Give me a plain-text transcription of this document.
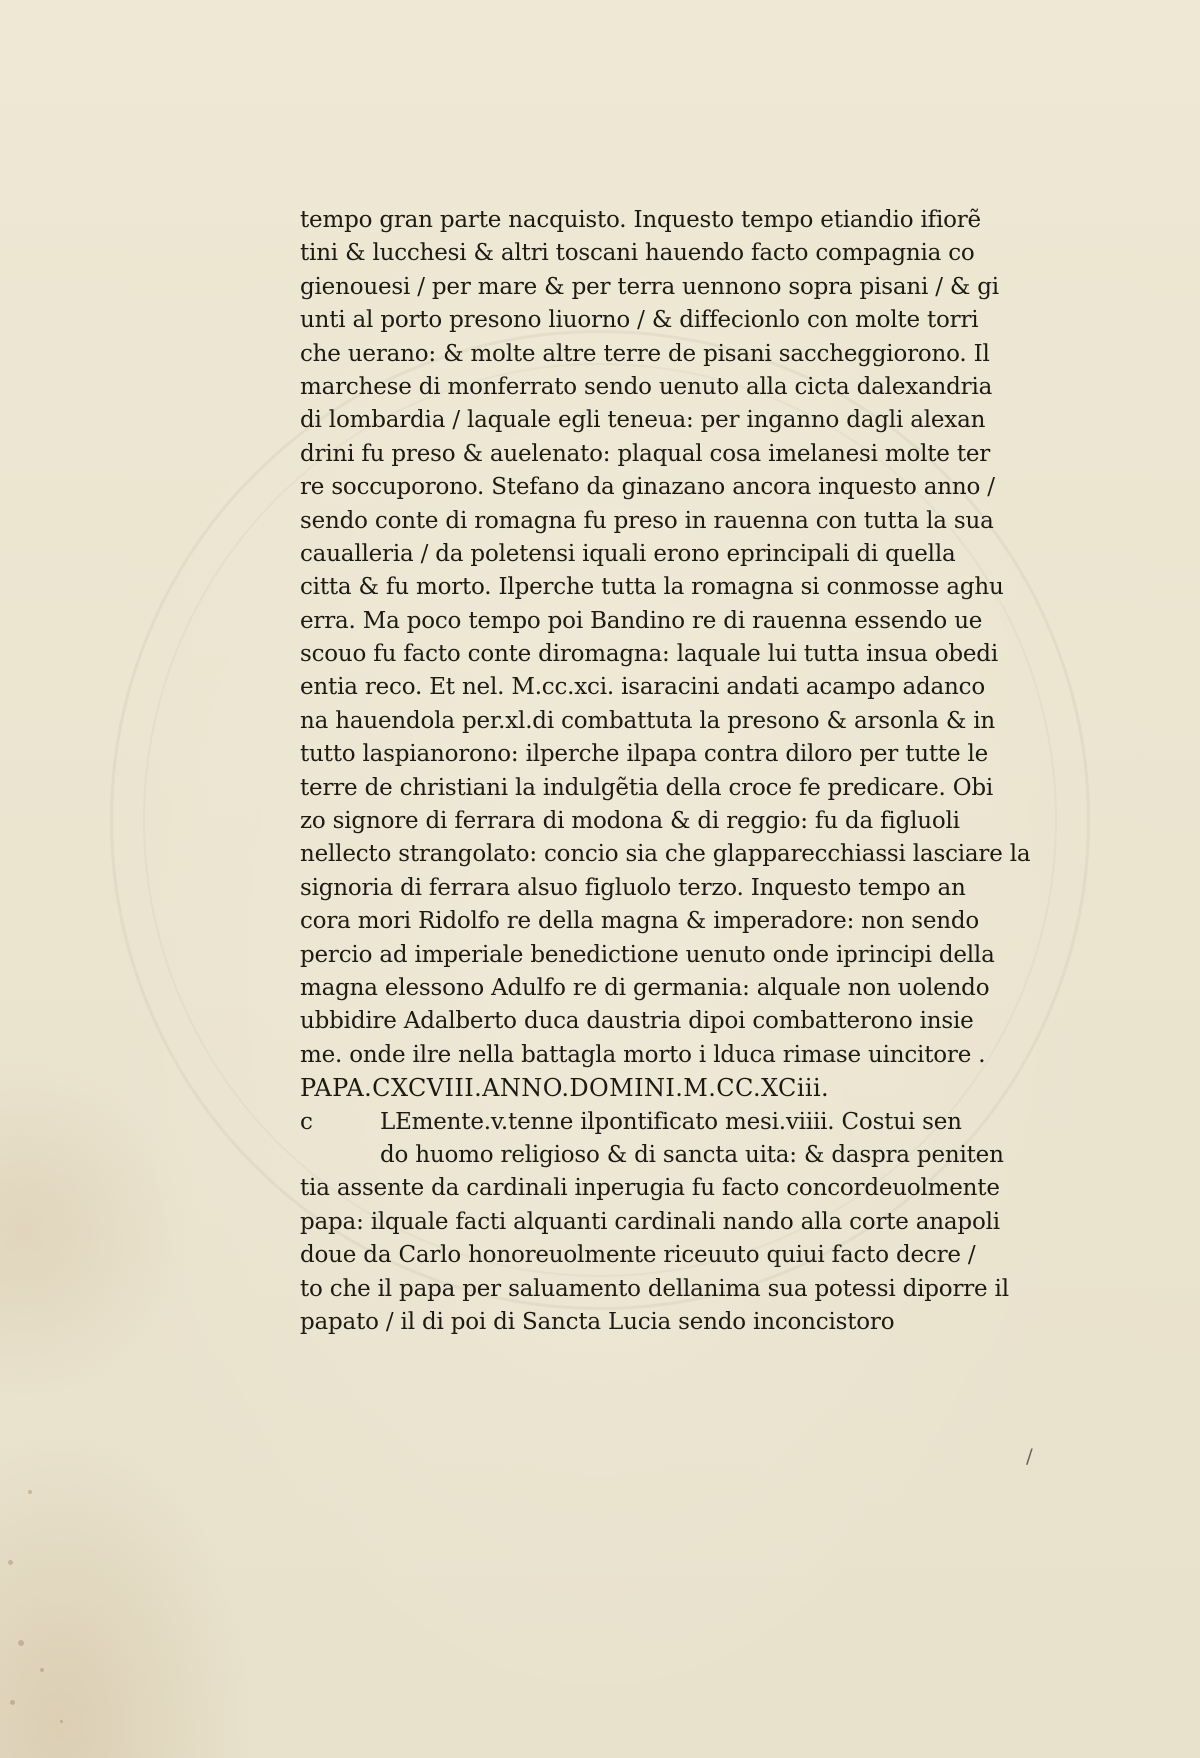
tempo gran parte nacquisto. Inquesto tempo etiandio ifiorẽ
tini & lucchesi & altri toscani hauendo facto compagnia co
gienouesi / per mare & per terra uennono sopra pisani / & gi
unti al porto presono liuorno / & diffecionlo con molte torri
che uerano: & molte altre terre de pisani saccheggiorono. Il
marchese di monferrato sendo uenuto alla cicta dalexandria
di lombardia / laquale egli teneua: per inganno dagli alexan
drini fu preso & auelenato: plaqual cosa imelanesi molte ter
re soccuporono. Stefano da ginazano ancora inquesto anno /
sendo conte di romagna fu preso in rauenna con tutta la sua
caualleria / da poletensi iquali erono eprincipali di quella
citta & fu morto. Ilperche tutta la romagna si conmosse aghu
erra. Ma poco tempo poi Bandino re di rauenna essendo ue
scouo fu facto conte diromagna: laquale lui tutta insua obedi
entia reco. Et nel. M.cc.xci. isaracini andati acampo adanco
na hauendola per.xl.di combattuta la presono & arsonla & in
tutto laspianorono: ilperche ilpapa contra diloro per tutte le
terre de christiani la indulgẽtia della croce fe predicare. Obi
zo signore di ferrara di modona & di reggio: fu da figluoli
nellecto strangolato: concio sia che glapparecchiassi lasciare la
signoria di ferrara alsuo figluolo terzo. Inquesto tempo an
cora mori Ridolfo re della magna & imperadore: non sendo
percio ad imperiale benedictione uenuto onde iprincipi della
magna elessono Adulfo re di germania: alquale non uolendo
ubbidire Adalberto duca daustria dipoi combatterono insie
me. onde ilre nella battagla morto i lduca rimase uincitore .
PAPA.CXCVIII.ANNO.DOMINI.M.CC.XCiii.
c	LEmente.v.tenne ilpontificato mesi.viiii. Costui sen
do huomo religioso & di sancta uita: & daspra peniten
tia assente da cardinali inperugia fu facto concordeuolmente
papa: ilquale facti alquanti cardinali nando alla corte anapoli
doue da Carlo honoreuolmente riceuuto quiui facto decre /
to che il papa per saluamento dellanima sua potessi diporre il
papato / il di poi di Sancta Lucia sendo inconcistoro
/
